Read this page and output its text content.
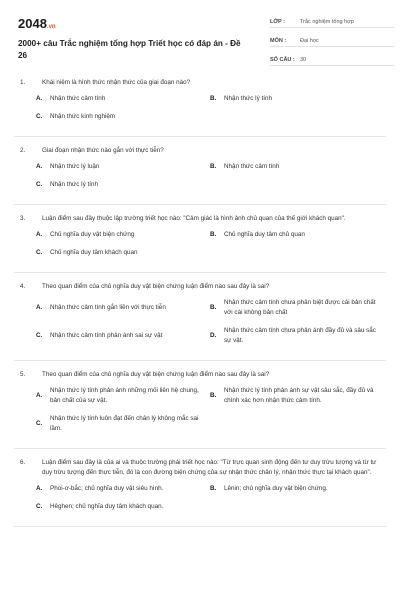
2048.vn
2000+ câu Trắc nghiệm tổng hợp Triết học có đáp án - Đề 26
LỚP :	Trắc nghiệm tổng hợp
MÔN :	Đại học
SỐ CÂU : 30
1.	Khái niệm là hình thức nhận thức của giai đoạn nào?
A.	Nhận thức cảm tính	B.	Nhận thức lý tính
C.	Nhận thức kinh nghiệm
2.	Giai đoạn nhận thức nào gắn với thực tiễn?
A.	Nhận thức lý luận	B.	Nhận thức cảm tính
C.	Nhận thức lý tính
3.	Luận điểm sau đây thuộc lập trường triết học nào: "Cảm giác là hình ảnh chủ quan của thế giới khách quan".
A.	Chủ nghĩa duy vật biện chứng	B.	Chủ nghĩa duy tâm chủ quan
C.	Chủ nghĩa duy tâm khách quan
4.	Theo quan điểm của chủ nghĩa duy vật biện chứng luận điểm nào sau đây là sai?
A.	Nhận thức cảm tính gắn liền với thực tiễn	B.
Nhận thức cảm tính chưa phân biệt được cái bản chất với cái không bản chất
C.	Nhận thức cảm tính phản ánh sai sự vật	D.
Nhận thức cảm tính chưa phản ánh đầy đủ và sâu sắc sự vật.
5.	Theo quan điểm của chủ nghĩa duy vật biện chứng luận điểm nào sau đây là sai?
A.
Nhận thức lý tính phản ánh những mối liên hệ chung, bản chất của sự vật.
B.
Nhận thức lý tính phản ánh sự vật sâu sắc, đầy đủ và chính xác hơn nhận thức cảm tính.
C.
Nhận thức lý tính luôn đạt đến chân lý không mắc sai lầm.
6.	Luận điểm sau đây là của ai và thuộc trường phái triết học nào: "Từ trực quan sinh động đến tư duy trừu tượng và từ tư duy trừu tượng đến thực tiễn, đó là con đường biện chứng của sự nhận thức chân lý, nhận thức thực tại khách quan".
A.	Phoi-ơ-bắc; chủ nghĩa duy vật siêu hình.	B.	Lênin; chủ nghĩa duy vật biện chứng.
C.	Hêghen; chủ nghĩa duy tâm khách quan.
